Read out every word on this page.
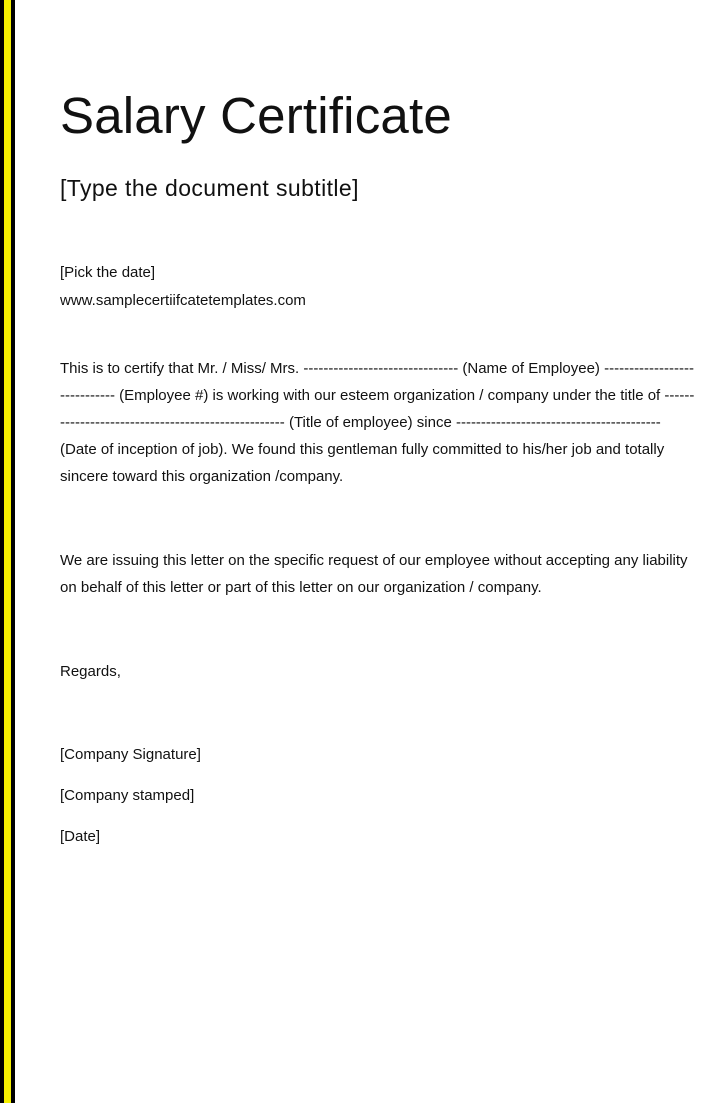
Salary Certificate
[Type the document subtitle]

[Pick the date]

www.samplecertiifcatetemplates.com

This is to certify that Mr. / Miss/ Mrs. ------------------------------- (Name of Employee) ------------------
----------- (Employee #) is working with our esteem organization / company under the title of ------
--------------------------------------------- (Title of employee) since -----------------------------------------
(Date of inception of job). We found this gentleman fully committed to his/her job and totally
sincere toward this organization /company.
We are issuing this letter on the specific request of our employee without accepting any liability
on behalf of this letter or part of this letter on our organization / company.

Regards,

[Company Signature]

[Company stamped]

[Date]
